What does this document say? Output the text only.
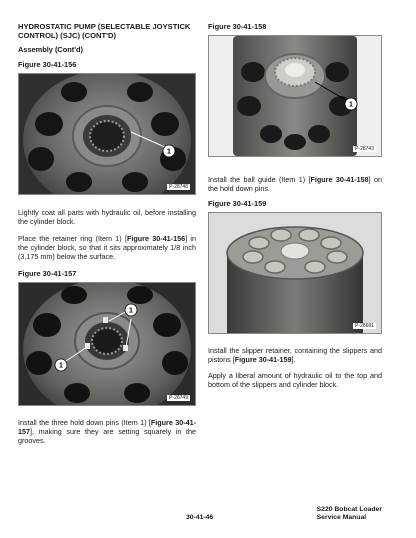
HYDROSTATIC PUMP (SELECTABLE JOYSTICK
CONTROL) (SJC) (CONT'D)

Assembly (Cont'd)

Figure 30-41-156

1
P-28748

Lightly coat all parts with hydraulic oil, before installing the cylinder block.

Place the retainer ring (Item 1) [Figure 30-41-156] in the cylinder block, so that it sits approximately 1/8 inch (3,175 mm) below the surface.

Figure 30-41-157

1
1
P-28749

Install the three hold down pins (Item 1) [Figure 30-41-157], making sure they are setting squarely in the grooves.

Figure 30-41-158

1
P-28743

Install the ball guide (Item 1) [Figure 30-41-158] on the hold down pins.

Figure 30-41-159

P-28681

Install the slipper retainer, containing the slippers and pistons [Figure 30-41-159].

Apply a liberal amount of hydraulic oil to the top and bottom of the slippers and cylinder block.

30-41-46
S220 Bobcat Loader
Service Manual
